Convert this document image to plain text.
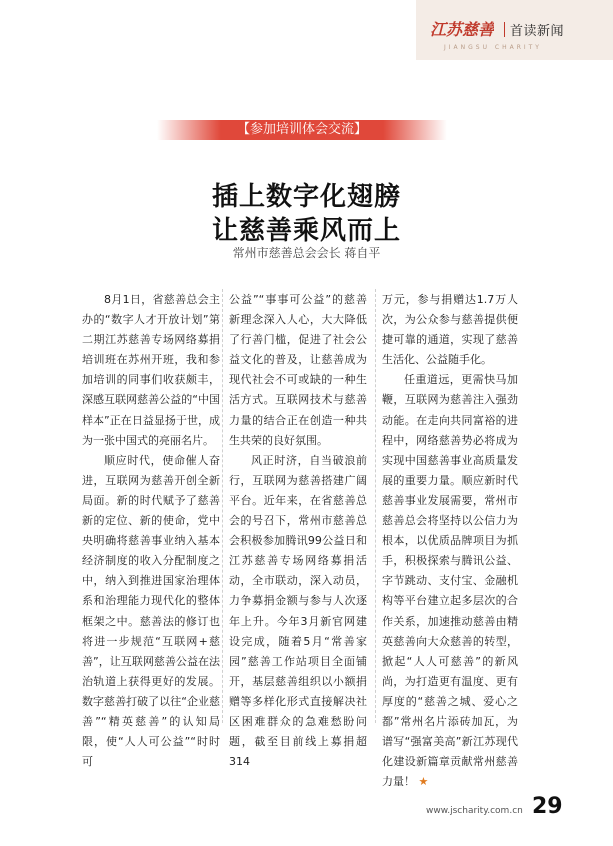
江苏慈善 首读新闻
JIANGSU CHARITY
【参加培训体会交流】
插上数字化翅膀
让慈善乘风而上
常州市慈善总会会长 蒋自平

8月1日，省慈善总会主办的“数字人才开放计划”第二期江苏慈善专场网络募捐培训班在苏州开班，我和参加培训的同事们收获颇丰，深感互联网慈善公益的“中国样本”正在日益显扬于世，成为一张中国式的亮丽名片。

顺应时代，使命催人奋进，互联网为慈善开创全新局面。新的时代赋予了慈善新的定位、新的使命，党中央明确将慈善事业纳入基本经济制度的收入分配制度之中，纳入到推进国家治理体系和治理能力现代化的整体框架之中。慈善法的修订也将进一步规范“互联网+慈善”，让互联网慈善公益在法治轨道上获得更好的发展。数字慈善打破了以往“企业慈善”“精英慈善”的认知局限，使“人人可公益”“时时可

公益”“事事可公益”的慈善新理念深入人心，大大降低了行善门槛，促进了社会公益文化的普及，让慈善成为现代社会不可或缺的一种生活方式。互联网技术与慈善力量的结合正在创造一种共生共荣的良好氛围。

风正时济，自当破浪前行，互联网为慈善搭建广阔平台。近年来，在省慈善总会的号召下，常州市慈善总会积极参加腾讯99公益日和江苏慈善专场网络募捐活动，全市联动，深入动员，力争募捐金额与参与人次逐年上升。今年3月新官网建设完成，随着5月“常善家园”慈善工作站项目全面铺开，基层慈善组织以小额捐赠等多样化形式直接解决社区困难群众的急难愁盼问题，截至目前线上募捐超314

万元，参与捐赠达1.7万人次，为公众参与慈善提供便捷可靠的通道，实现了慈善生活化、公益随手化。

任重道远，更需快马加鞭，互联网为慈善注入强劲动能。在走向共同富裕的进程中，网络慈善势必将成为实现中国慈善事业高质量发展的重要力量。顺应新时代慈善事业发展需要，常州市慈善总会将坚持以公信力为根本，以优质品牌项目为抓手，积极探索与腾讯公益、字节跳动、支付宝、金融机构等平台建立起多层次的合作关系，加速推动慈善由精英慈善向大众慈善的转型，掀起“人人可慈善”的新风尚，为打造更有温度、更有厚度的“慈善之城、爱心之都”常州名片添砖加瓦，为谱写“强富美高”新江苏现代化建设新篇章贡献常州慈善力量！ ★

www.jscharity.com.cn 29
